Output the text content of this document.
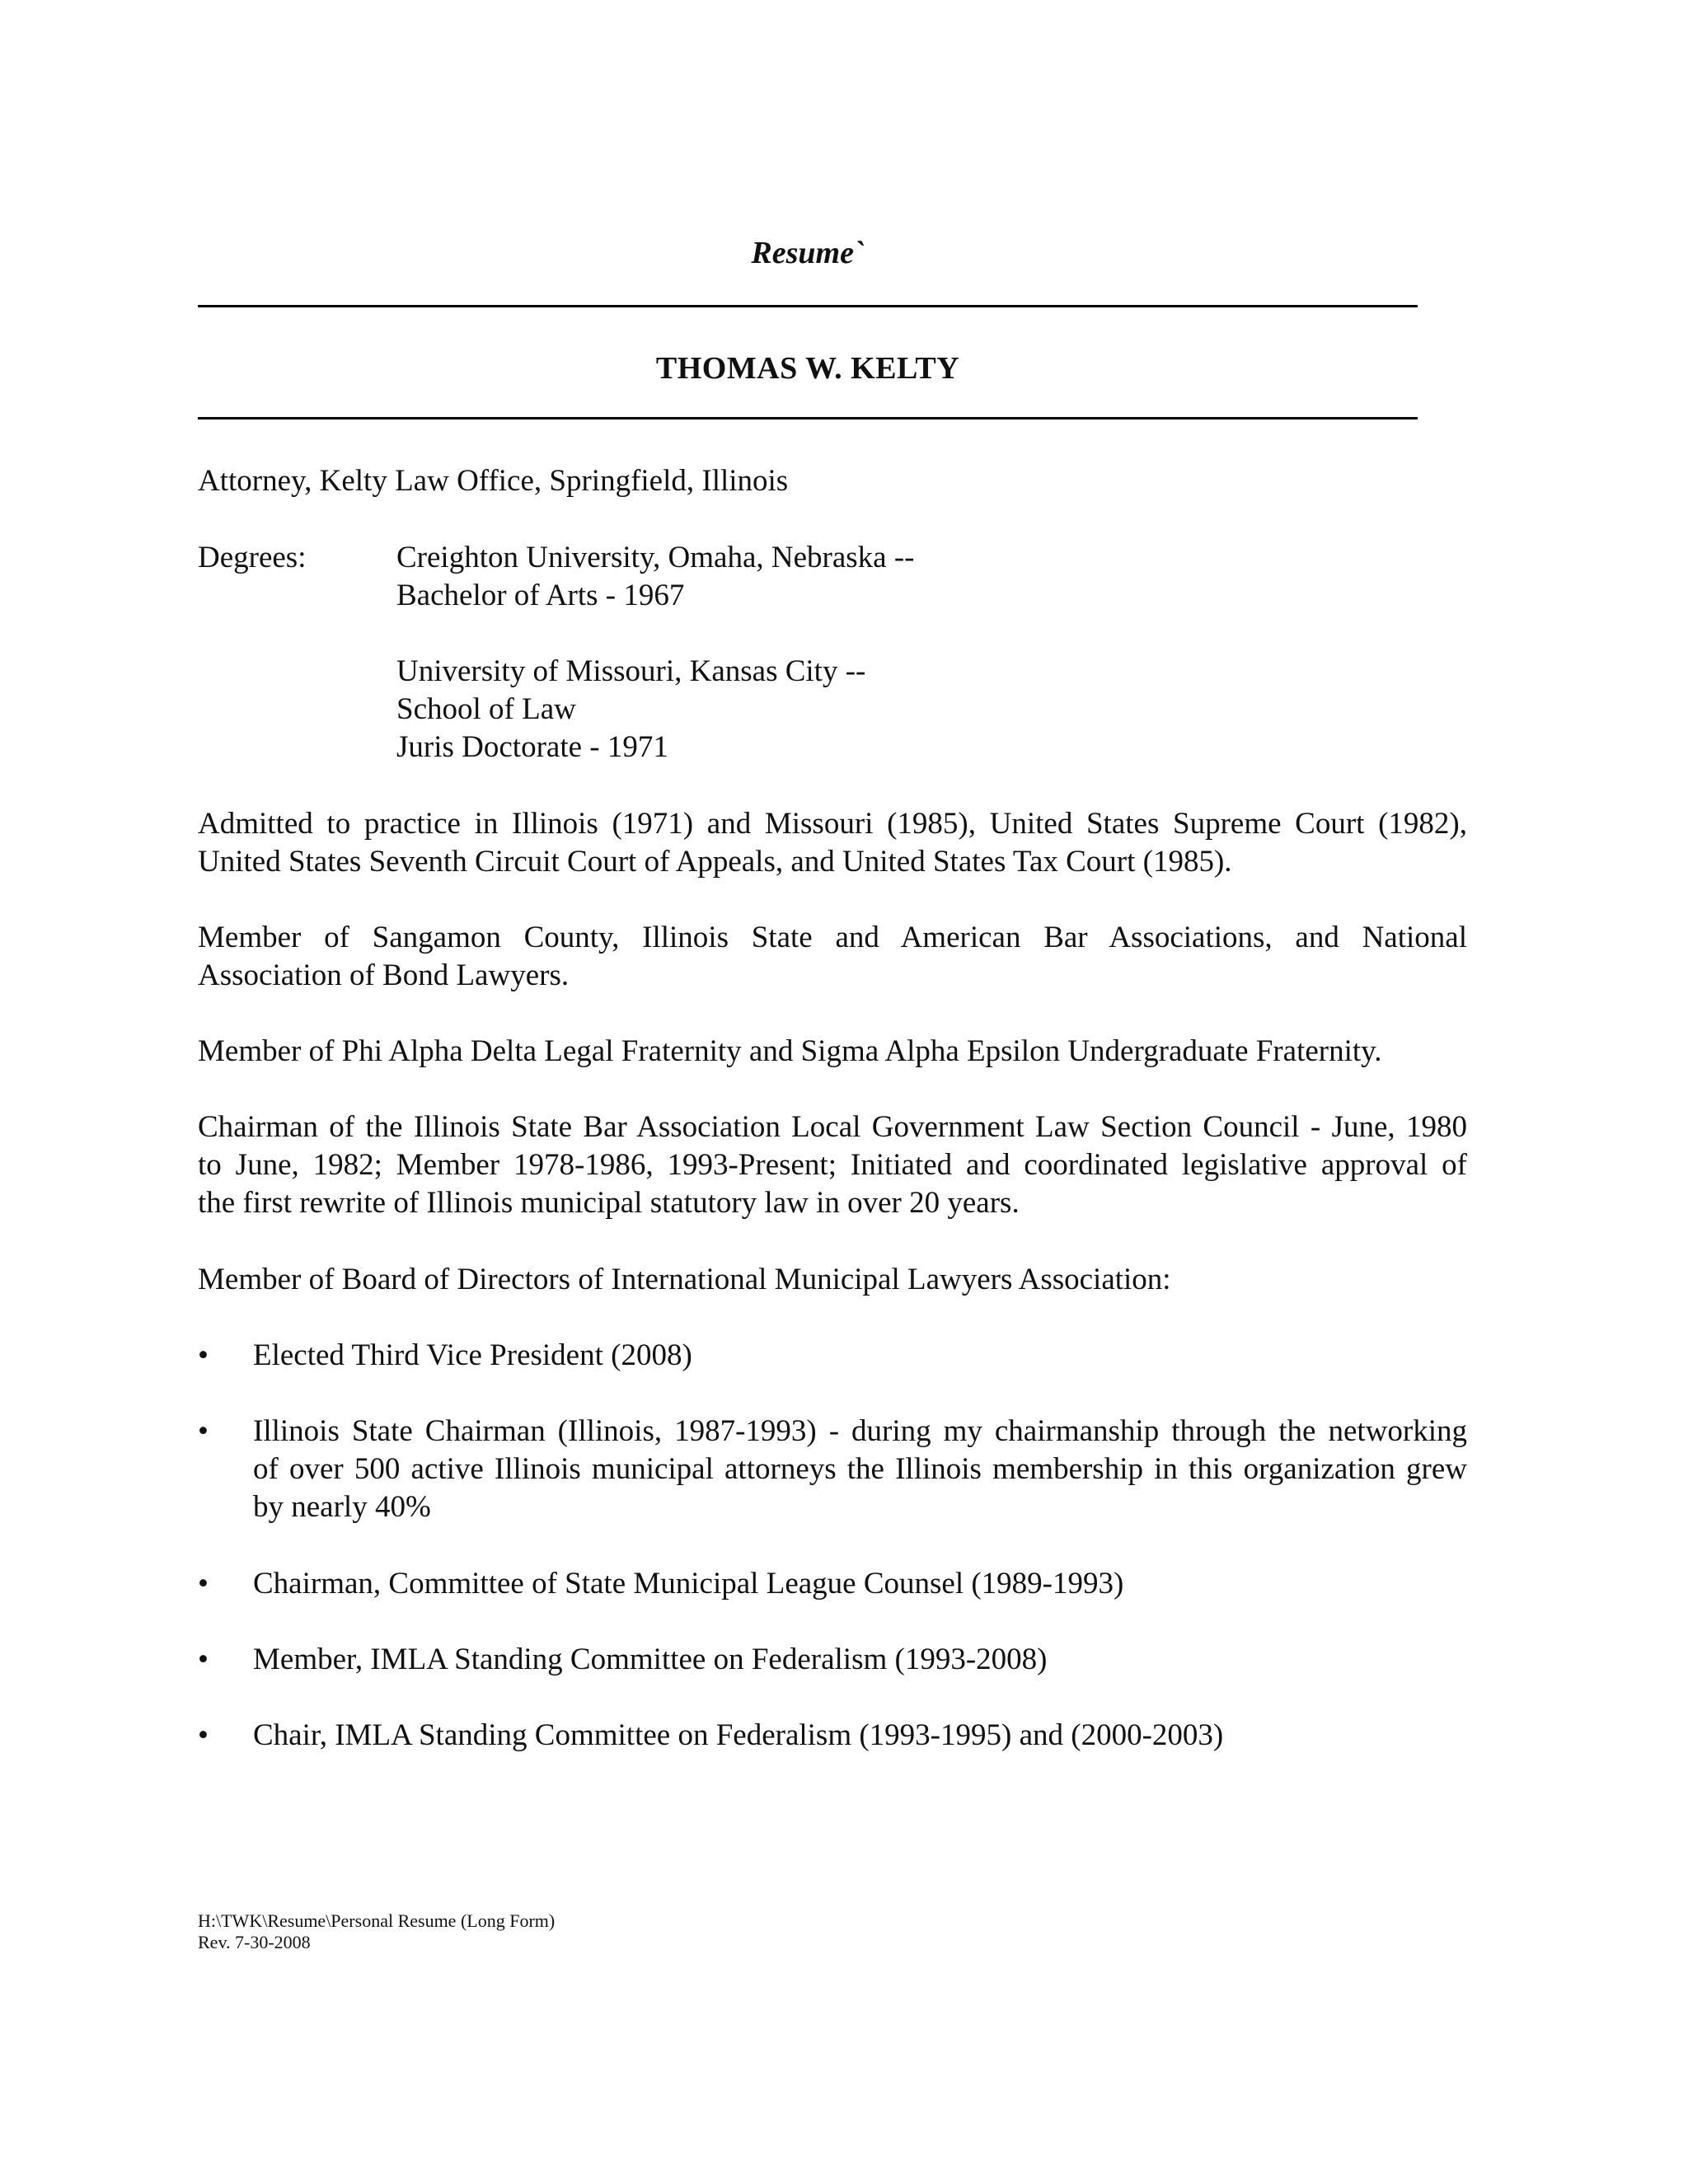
Resume`
THOMAS W. KELTY
Attorney, Kelty Law Office, Springfield, Illinois
Degrees:	Creighton University, Omaha, Nebraska --
Bachelor of Arts - 1967
University of Missouri, Kansas City --
School of Law
Juris Doctorate - 1971
Admitted to practice in Illinois (1971) and Missouri (1985), United States Supreme Court (1982),
United States Seventh Circuit Court of Appeals, and United States Tax Court (1985).
Member of Sangamon County, Illinois State and American Bar Associations, and National
Association of Bond Lawyers.
Member of Phi Alpha Delta Legal Fraternity and Sigma Alpha Epsilon Undergraduate Fraternity.
Chairman of the Illinois State Bar Association Local Government Law Section Council - June, 1980
to June, 1982; Member 1978-1986, 1993-Present; Initiated and coordinated legislative approval of
the first rewrite of Illinois municipal statutory law in over 20 years.
Member of Board of Directors of International Municipal Lawyers Association:
•	Elected Third Vice President (2008)
•	Illinois State Chairman (Illinois, 1987-1993) - during my chairmanship through the networking
of over 500 active Illinois municipal attorneys the Illinois membership in this organization grew
by nearly 40%
•	Chairman, Committee of State Municipal League Counsel (1989-1993)
•	Member, IMLA Standing Committee on Federalism (1993-2008)
•	Chair, IMLA Standing Committee on Federalism (1993-1995) and (2000-2003)
H:\TWK\Resume\Personal Resume (Long Form)
Rev. 7-30-2008
